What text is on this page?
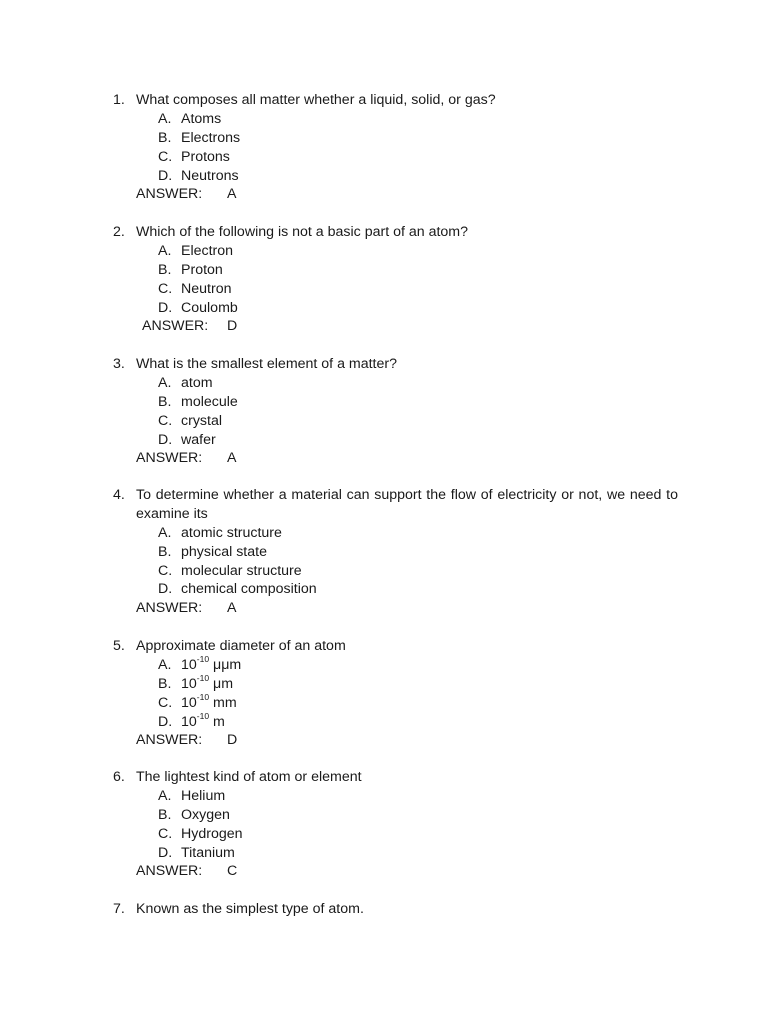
1. What composes all matter whether a liquid, solid, or gas?
A. Atoms
B. Electrons
C. Protons
D. Neutrons
ANSWER: A
2. Which of the following is not a basic part of an atom?
A. Electron
B. Proton
C. Neutron
D. Coulomb
ANSWER: D
3. What is the smallest element of a matter?
A. atom
B. molecule
C. crystal
D. wafer
ANSWER: A
4. To determine whether a material can support the flow of electricity or not, we need to
examine its
A. atomic structure
B. physical state
C. molecular structure
D. chemical composition
ANSWER: A
5. Approximate diameter of an atom
A. $10^{-10}$ μμm
B. $10^{-10}$ μm
C. $10^{-10}$ mm
D. $10^{-10}$ m
ANSWER: D
6. The lightest kind of atom or element
A. Helium
B. Oxygen
C. Hydrogen
D. Titanium
ANSWER: C
7. Known as the simplest type of atom.
